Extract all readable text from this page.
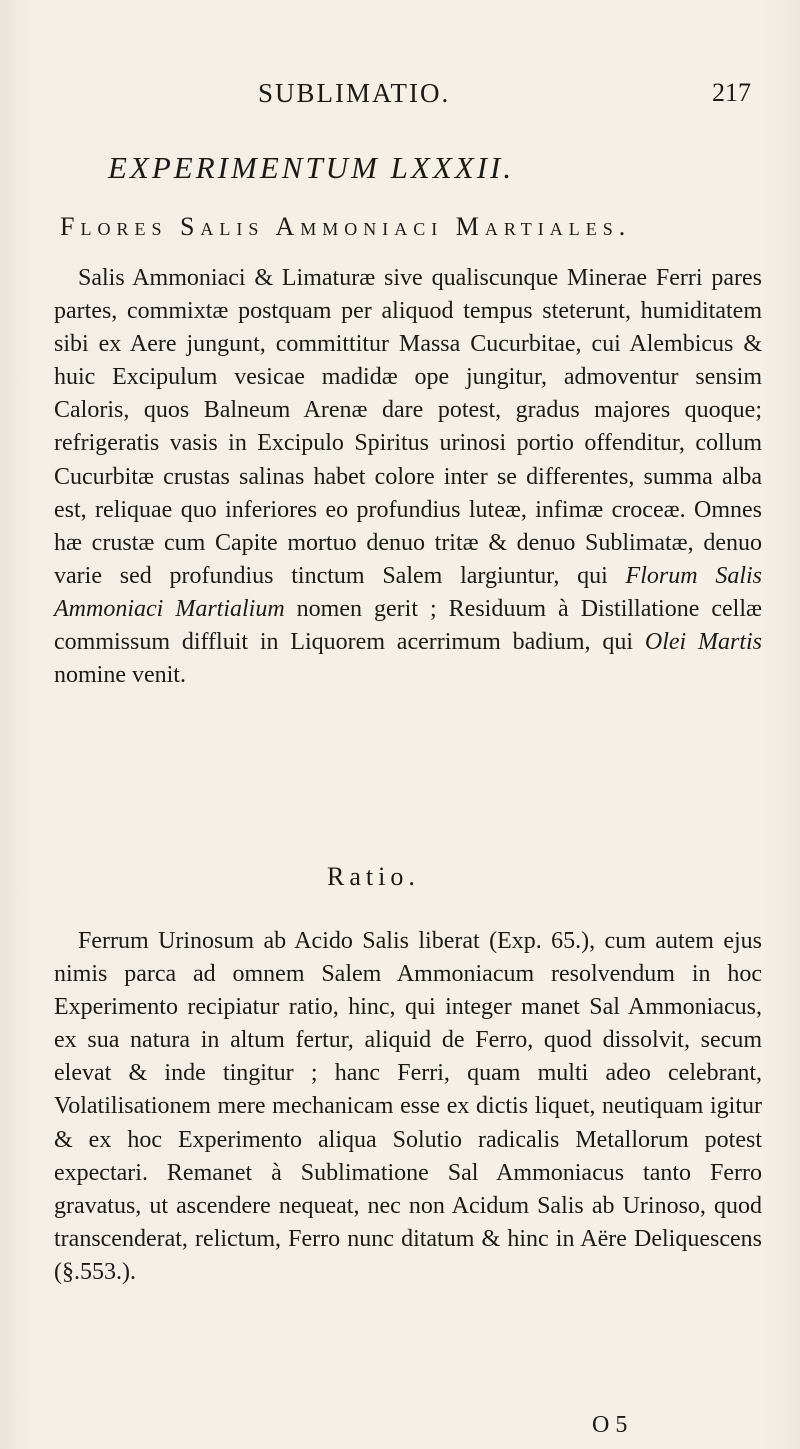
SUBLIMATIO.	217
EXPERIMENTUM LXXXII.
Flores Salis Ammoniaci Martiales.

Salis Ammoniaci & Limaturæ sive qualiscunque Minerae Ferri pares partes, commixtæ postquam per aliquod tempus steterunt, humiditatem sibi ex Aere jungunt, committitur Massa Cucurbitae, cui Alembicus & huic Excipulum vesicae madidæ ope jungitur, admoventur sensim Caloris, quos Balneum Arenæ dare potest, gradus majores quoque; refrigeratis vasis in Excipulo Spiritus urinosi portio offenditur, collum Cucurbitæ crustas salinas habet colore inter se differentes, summa alba est, reliquae quo inferiores eo profundius luteæ, infimæ croceæ. Omnes hæ crustæ cum Capite mortuo denuo tritæ & denuo Sublimatæ, denuo varie sed profundius tinctum Salem largiuntur, qui Florum Salis Ammoniaci Martialium nomen gerit ; Residuum à Distillatione cellæ commissum diffluit in Liquorem acerrimum badium, qui Olei Martis nomine venit.

Ratio.

Ferrum Urinosum ab Acido Salis liberat (Exp. 65.), cum autem ejus nimis parca ad omnem Salem Ammoniacum resolvendum in hoc Experimento recipiatur ratio, hinc, qui integer manet Sal Ammoniacus, ex sua natura in altum fertur, aliquid de Ferro, quod dissolvit, secum elevat & inde tingitur ; hanc Ferri, quam multi adeo celebrant, Volatilisationem mere mechanicam esse ex dictis liquet, neutiquam igitur & ex hoc Experimento aliqua Solutio radicalis Metallorum potest expectari. Remanet à Sublimatione Sal Ammoniacus tanto Ferro gravatus, ut ascendere nequeat, nec non Acidum Salis ab Urinoso, quod transcenderat, relictum, Ferro nunc ditatum & hinc in Aëre Deliquescens (§.553.).

O 5
